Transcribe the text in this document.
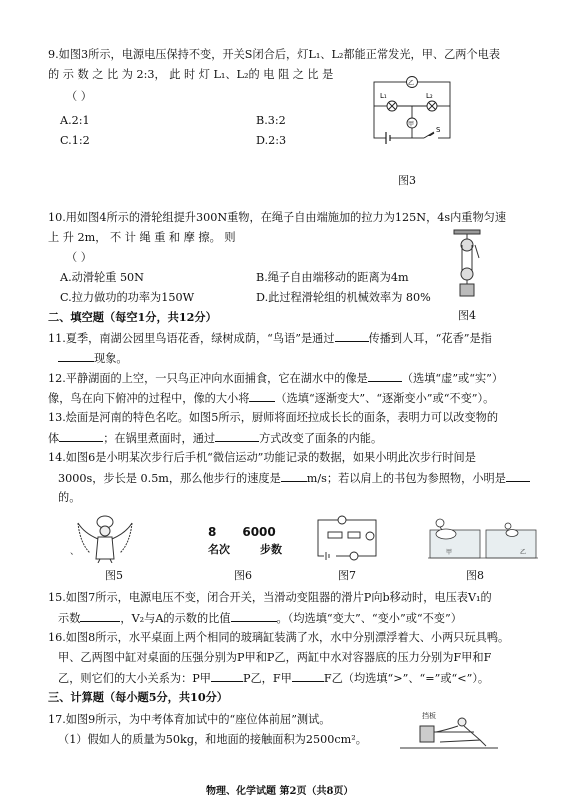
9.如图3所示，电源电压保持不变，开关S闭合后，灯L₁、L₂都能正常发光，甲、乙两个电表
的 示 数 之 比 为 2:3， 此 时 灯 L₁、L₂的 电 阻 之 比 是
（ ）
A.2:1	B.3:2
C.1:2	D.2:3
乙
甲
L₁	L₂
S
图3
10.用如图4所示的滑轮组提升300N重物，在绳子自由端施加的拉力为125N，4s内重物匀速
上 升 2m， 不 计 绳 重 和 摩 擦。 则
（ ）
A.动滑轮重 50N	B.绳子自由端移动的距离为4m
C.拉力做功的功率为150W	D.此过程滑轮组的机械效率为 80%
图4
二、填空题（每空1分，共12分）
11.夏季，南湖公园里鸟语花香，绿树成荫，“鸟语”是通过	传播到人耳，“花香”是指
现象。
12.平静湖面的上空，一只鸟正冲向水面捕食，它在湖水中的像是	（选填“虚”或“实”）
像，鸟在向下俯冲的过程中，像的大小将 （选填“逐渐变大”、“逐渐变小”或“不变”）。
13.烩面是河南的特色名吃。如图5所示，厨师将面坯拉成长长的面条，表明力可以改变物的
体	；在锅里煮面时，通过	方式改变了面条的内能。
14.如图6是小明某次步行后手机“微信运动”功能记录的数据，如果小明此次步行时间是
3000s，步长是 0.5m，那么他步行的速度是 m/s；若以肩上的书包为参照物，小明是
的。
、
8 6000
名次	步数	甲	乙
图5	图6	图7	图8
15.如图7所示，电源电压不变，闭合开关，当滑动变阻器的滑片P向b移动时，电压表V₁的
示数	，V₂与A的示数的比值	。（均选填“变大”、“变小”或“不变”）
16.如图8所示，水平桌面上两个相同的玻璃缸装满了水，水中分别漂浮着大、小两只玩具鸭。
甲、乙两图中缸对桌面的压强分别为P甲和P乙，两缸中水对容器底的压力分别为F甲和F
乙，则它们的大小关系为：P甲	P乙，F甲	F乙（均选填“>”、“=”或“<”）。
三、计算题（每小题5分，共10分）
17.如图9所示，为中考体育加试中的“座位体前屈”测试。
（1）假如人的质量为50kg，和地面的接触面积为2500cm²。
挡板
物理、化学试题 第2页（共8页）
